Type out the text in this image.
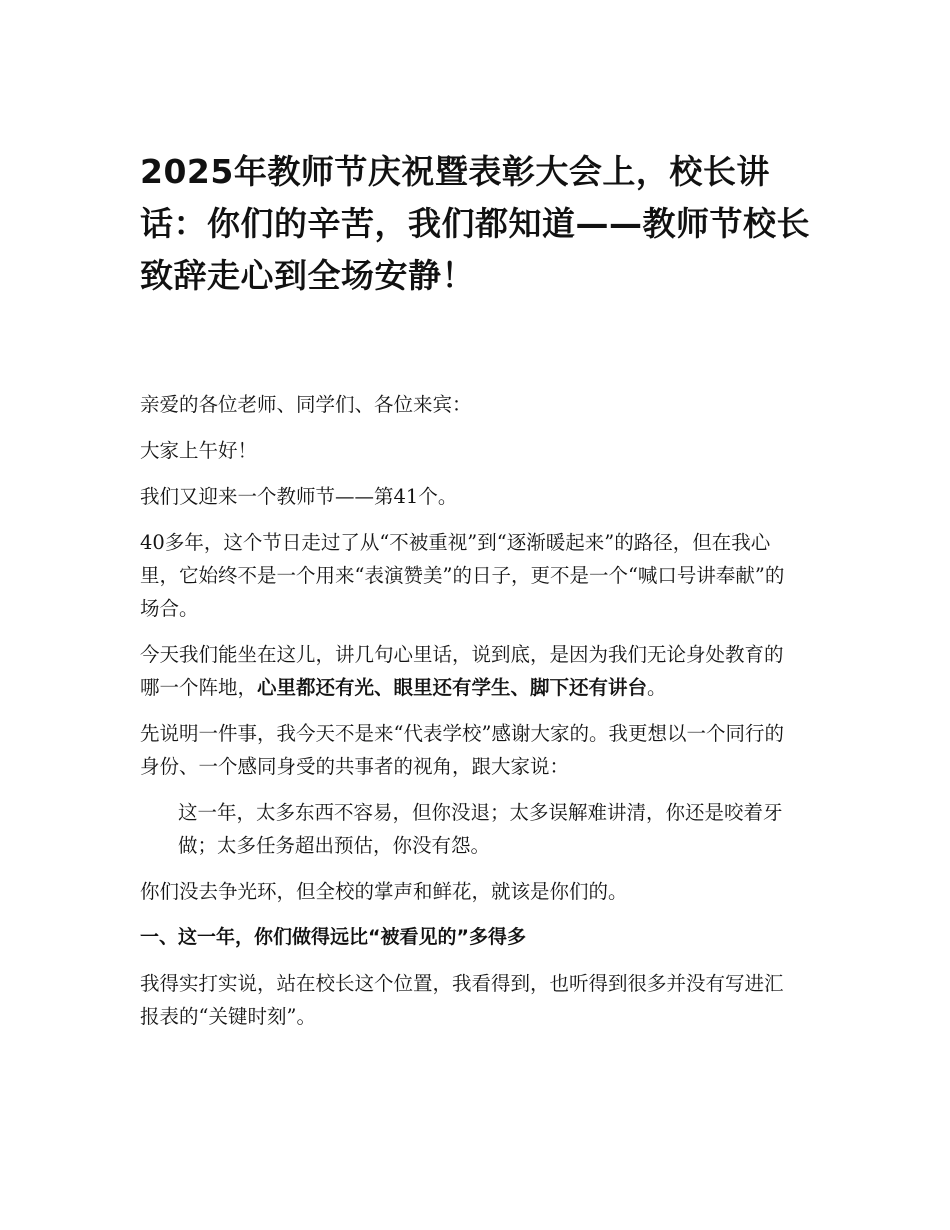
2025年教师节庆祝暨表彰大会上，校长讲话：你们的辛苦，我们都知道——教师节校长致辞走心到全场安静！

亲爱的各位老师、同学们、各位来宾：

大家上午好！

我们又迎来一个教师节——第41个。

40多年，这个节日走过了从“不被重视”到“逐渐暖起来”的路径，但在我心里，它始终不是一个用来“表演赞美”的日子，更不是一个“喊口号讲奉献”的场合。

今天我们能坐在这儿，讲几句心里话，说到底，是因为我们无论身处教育的哪一个阵地，心里都还有光、眼里还有学生、脚下还有讲台。

先说明一件事，我今天不是来“代表学校”感谢大家的。我更想以一个同行的身份、一个感同身受的共事者的视角，跟大家说：

这一年，太多东西不容易，但你没退；太多误解难讲清，你还是咬着牙做；太多任务超出预估，你没有怨。

你们没去争光环，但全校的掌声和鲜花，就该是你们的。

一、这一年，你们做得远比“被看见的”多得多

我得实打实说，站在校长这个位置，我看得到，也听得到很多并没有写进汇报表的“关键时刻”。
